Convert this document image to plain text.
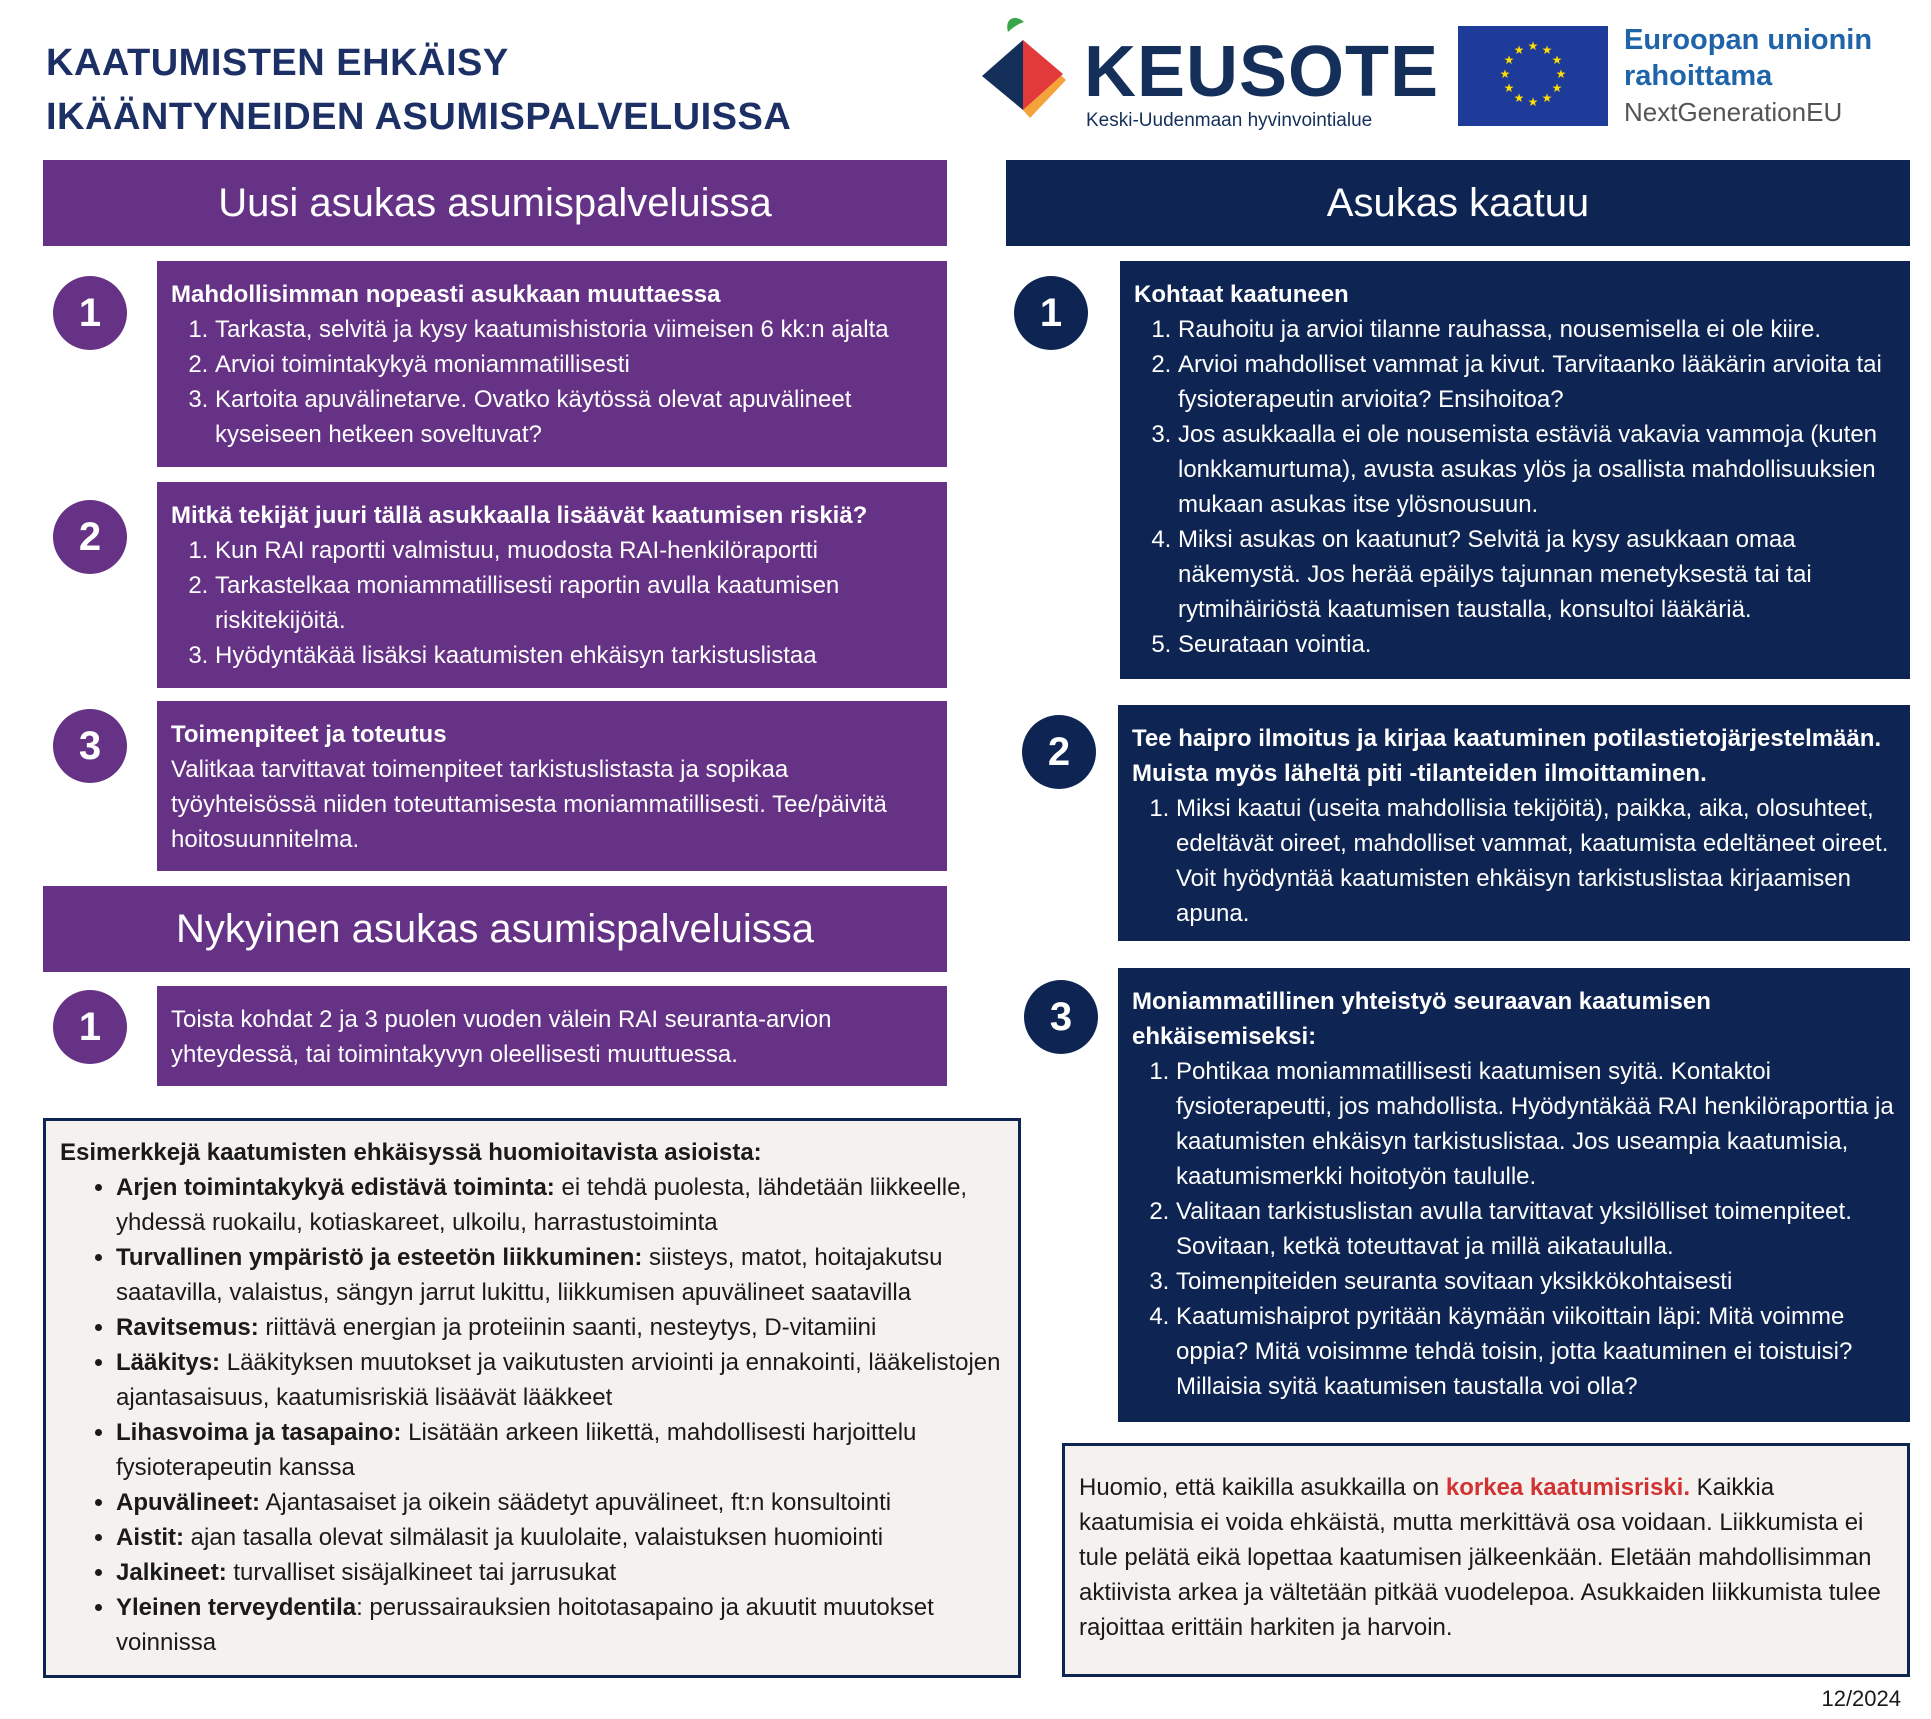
KAATUMISTEN EHKÄISY
IKÄÄNTYNEIDEN ASUMISPALVELUISSA
KEUSOTE
Keski-Uudenmaan hyvinvointialue
★ ★
★
★
★
★
★
★
★
★
★
★	Euroopan unionin
rahoittama
NextGenerationEU
Uusi asukas asumispalveluissa
1	Mahdollisimman nopeasti asukkaan muuttaessa
1. Tarkasta, selvitä ja kysy kaatumishistoria viimeisen 6 kk:n ajalta
2. Arvioi toimintakykyä moniammatillisesti
3. Kartoita apuvälinetarve. Ovatko käytössä olevat apuvälineet kyseiseen hetkeen soveltuvat?
2	Mitkä tekijät juuri tällä asukkaalla lisäävät kaatumisen riskiä?
1. Kun RAI raportti valmistuu, muodosta RAI-henkilöraportti
2. Tarkastelkaa moniammatillisesti raportin avulla kaatumisen riskitekijöitä.
3. Hyödyntäkää lisäksi kaatumisten ehkäisyn tarkistuslistaa
3	Toimenpiteet ja toteutus
Valitkaa tarvittavat toimenpiteet tarkistuslistasta ja sopikaa työyhteisössä niiden toteuttamisesta moniammatillisesti. Tee/päivitä hoitosuunnitelma.
Nykyinen asukas asumispalveluissa
1	Toista kohdat 2 ja 3 puolen vuoden välein RAI seuranta-arvion yhteydessä, tai toimintakyvyn oleellisesti muuttuessa.
Esimerkkejä kaatumisten ehkäisyssä huomioitavista asioista:
• Arjen toimintakykyä edistävä toiminta: ei tehdä puolesta, lähdetään liikkeelle, yhdessä ruokailu, kotiaskareet, ulkoilu, harrastustoiminta
• Turvallinen ympäristö ja esteetön liikkuminen: siisteys, matot, hoitajakutsu saatavilla, valaistus, sängyn jarrut lukittu, liikkumisen apuvälineet saatavilla
• Ravitsemus: riittävä energian ja proteiinin saanti, nesteytys, D-vitamiini
• Lääkitys: Lääkityksen muutokset ja vaikutusten arviointi ja ennakointi, lääkelistojen ajantasaisuus, kaatumisriskiä lisäävät lääkkeet
• Lihasvoima ja tasapaino: Lisätään arkeen liikettä, mahdollisesti harjoittelu fysioterapeutin kanssa
• Apuvälineet: Ajantasaiset ja oikein säädetyt apuvälineet, ft:n konsultointi
• Aistit: ajan tasalla olevat silmälasit ja kuulolaite, valaistuksen huomiointi
• Jalkineet: turvalliset sisäjalkineet tai jarrusukat
• Yleinen terveydentila: perussairauksien hoitotasapaino ja akuutit muutokset voinnissa
Asukas kaatuu
1	Kohtaat kaatuneen
1. Rauhoitu ja arvioi tilanne rauhassa, nousemisella ei ole kiire.
2. Arvioi mahdolliset vammat ja kivut. Tarvitaanko lääkärin arvioita tai fysioterapeutin arvioita? Ensihoitoa?
3. Jos asukkaalla ei ole nousemista estäviä vakavia vammoja (kuten lonkkamurtuma), avusta asukas ylös ja osallista mahdollisuuksien mukaan asukas itse ylösnousuun.
4. Miksi asukas on kaatunut? Selvitä ja kysy asukkaan omaa näkemystä. Jos herää epäilys tajunnan menetyksestä tai tai rytmihäiriöstä kaatumisen taustalla, konsultoi lääkäriä.
5. Seurataan vointia.
2	Tee haipro ilmoitus ja kirjaa kaatuminen potilastietojärjestelmään. Muista myös läheltä piti -tilanteiden ilmoittaminen.
1. Miksi kaatui (useita mahdollisia tekijöitä), paikka, aika, olosuhteet, edeltävät oireet, mahdolliset vammat, kaatumista edeltäneet oireet. Voit hyödyntää kaatumisten ehkäisyn tarkistuslistaa kirjaamisen apuna.
3	Moniammatillinen yhteistyö seuraavan kaatumisen ehkäisemiseksi:
1. Pohtikaa moniammatillisesti kaatumisen syitä. Kontaktoi fysioterapeutti, jos mahdollista. Hyödyntäkää RAI henkilöraporttia ja kaatumisten ehkäisyn tarkistuslistaa. Jos useampia kaatumisia, kaatumismerkki hoitotyön taululle.
2. Valitaan tarkistuslistan avulla tarvittavat yksilölliset toimenpiteet. Sovitaan, ketkä toteuttavat ja millä aikataululla.
3. Toimenpiteiden seuranta sovitaan yksikkökohtaisesti
4. Kaatumishaiprot pyritään käymään viikoittain läpi: Mitä voimme oppia? Mitä voisimme tehdä toisin, jotta kaatuminen ei toistuisi? Millaisia syitä kaatumisen taustalla voi olla?
Huomio, että kaikilla asukkailla on korkea kaatumisriski. Kaikkia kaatumisia ei voida ehkäistä, mutta merkittävä osa voidaan. Liikkumista ei tule pelätä eikä lopettaa kaatumisen jälkeenkään. Eletään mahdollisimman aktiivista arkea ja vältetään pitkää vuodelepoa. Asukkaiden liikkumista tulee rajoittaa erittäin harkiten ja harvoin.
12/2024
